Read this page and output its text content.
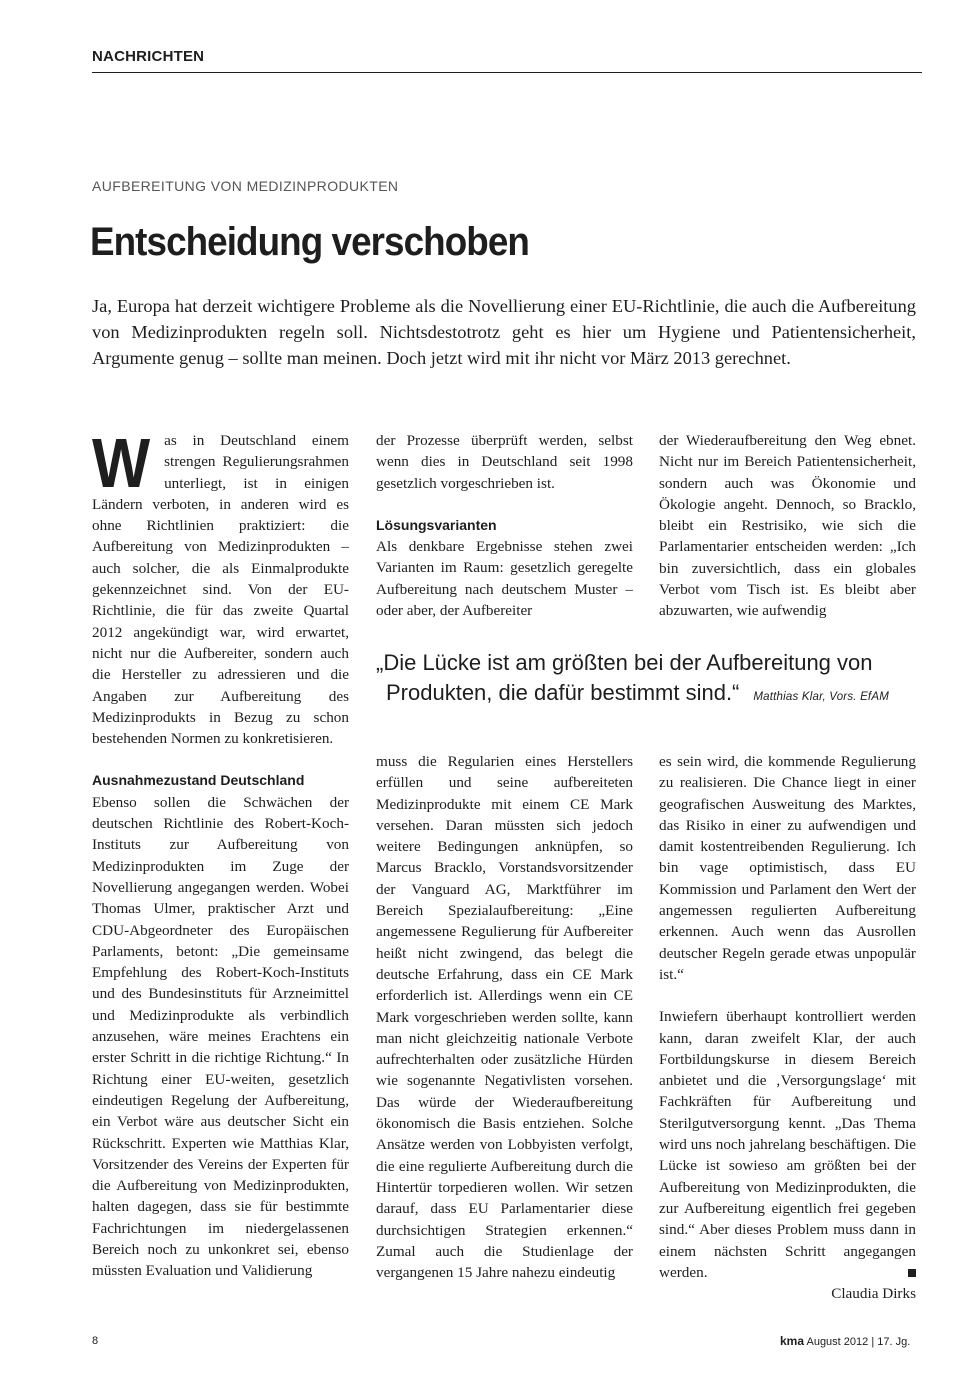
NACHRICHTEN
AUFBEREITUNG VON MEDIZINPRODUKTEN
Entscheidung verschoben
Ja, Europa hat derzeit wichtigere Probleme als die Novellierung einer EU-Richtlinie, die auch die Aufbereitung von Medizinprodukten regeln soll. Nichtsdestotrotz geht es hier um Hygiene und Patientensicherheit, Argumente genug – sollte man meinen. Doch jetzt wird mit ihr nicht vor März 2013 gerechnet.

Was in Deutschland einem strengen Regulierungsrahmen unterliegt, ist in einigen Ländern verboten, in anderen wird es ohne Richtlinien praktiziert: die Aufbereitung von Medizinprodukten – auch solcher, die als Einmalprodukte gekennzeichnet sind. Von der EU-Richtlinie, die für das zweite Quartal 2012 angekündigt war, wird erwartet, nicht nur die Aufbereiter, sondern auch die Hersteller zu adressieren und die Angaben zur Aufbereitung des Medizinprodukts in Bezug zu schon bestehenden Normen zu konkretisieren.

Ausnahmezustand Deutschland

Ebenso sollen die Schwächen der deutschen Richtlinie des Robert-Koch-Instituts zur Aufbereitung von Medizinprodukten im Zuge der Novellierung angegangen werden. Wobei Thomas Ulmer, praktischer Arzt und CDU-Abgeordneter des Europäischen Parlaments, betont: „Die gemeinsame Empfehlung des Robert-Koch-Instituts und des Bundesinstituts für Arzneimittel und Medizinprodukte als verbindlich anzusehen, wäre meines Erachtens ein erster Schritt in die richtige Richtung.“ In Richtung einer EU-weiten, gesetzlich eindeutigen Regelung der Aufbereitung, ein Verbot wäre aus deutscher Sicht ein Rückschritt. Experten wie Matthias Klar, Vorsitzender des Vereins der Experten für die Aufbereitung von Medizinprodukten, halten dagegen, dass sie für bestimmte Fachrichtungen im niedergelassenen Bereich noch zu unkonkret sei, ebenso müssten Evaluation und Validierung

der Prozesse überprüft werden, selbst wenn dies in Deutschland seit 1998 gesetzlich vorgeschrieben ist.

Lösungsvarianten

Als denkbare Ergebnisse stehen zwei Varianten im Raum: gesetzlich geregelte Aufbereitung nach deutschem Muster – oder aber, der Aufbereiter

der Wiederaufbereitung den Weg ebnet. Nicht nur im Bereich Patientensicherheit, sondern auch was Ökonomie und Ökologie angeht. Dennoch, so Bracklo, bleibt ein Restrisiko, wie sich die Parlamentarier entscheiden werden: „Ich bin zuversichtlich, dass ein globales Verbot vom Tisch ist. Es bleibt aber abzuwarten, wie aufwendig

„Die Lücke ist am größten bei der Aufbereitung von
Produkten, die dafür bestimmt sind.“ Matthias Klar, Vors. EfAM

muss die Regularien eines Herstellers erfüllen und seine aufbereiteten Medizinprodukte mit einem CE Mark versehen. Daran müssten sich jedoch weitere Bedingungen anknüpfen, so Marcus Bracklo, Vorstandsvorsitzender der Vanguard AG, Marktführer im Bereich Spezialaufbereitung: „Eine angemessene Regulierung für Aufbereiter heißt nicht zwingend, das belegt die deutsche Erfahrung, dass ein CE Mark erforderlich ist. Allerdings wenn ein CE Mark vorgeschrieben werden sollte, kann man nicht gleichzeitig nationale Verbote aufrechterhalten oder zusätzliche Hürden wie sogenannte Negativlisten vorsehen. Das würde der Wiederaufbereitung ökonomisch die Basis entziehen. Solche Ansätze werden von Lobbyisten verfolgt, die eine regulierte Aufbereitung durch die Hintertür torpedieren wollen. Wir setzen darauf, dass EU Parlamentarier diese durchsichtigen Strategien erkennen.“ Zumal auch die Studienlage der vergangenen 15 Jahre nahezu eindeutig

es sein wird, die kommende Regulierung zu realisieren. Die Chance liegt in einer geografischen Ausweitung des Marktes, das Risiko in einer zu aufwendigen und damit kostentreibenden Regulierung. Ich bin vage optimistisch, dass EU Kommission und Parlament den Wert der angemessen regulierten Aufbereitung erkennen. Auch wenn das Ausrollen deutscher Regeln gerade etwas unpopulär ist.“

Inwiefern überhaupt kontrolliert werden kann, daran zweifelt Klar, der auch Fortbildungskurse in diesem Bereich anbietet und die ‚Versorgungslage‘ mit Fachkräften für Aufbereitung und Sterilgutversorgung kennt. „Das Thema wird uns noch jahrelang beschäftigen. Die Lücke ist sowieso am größten bei der Aufbereitung von Medizinprodukten, die zur Aufbereitung eigentlich frei gegeben sind.“ Aber dieses Problem muss dann in einem nächsten Schritt angegangen werden.

Claudia Dirks

8	kma August 2012 | 17. Jg.
